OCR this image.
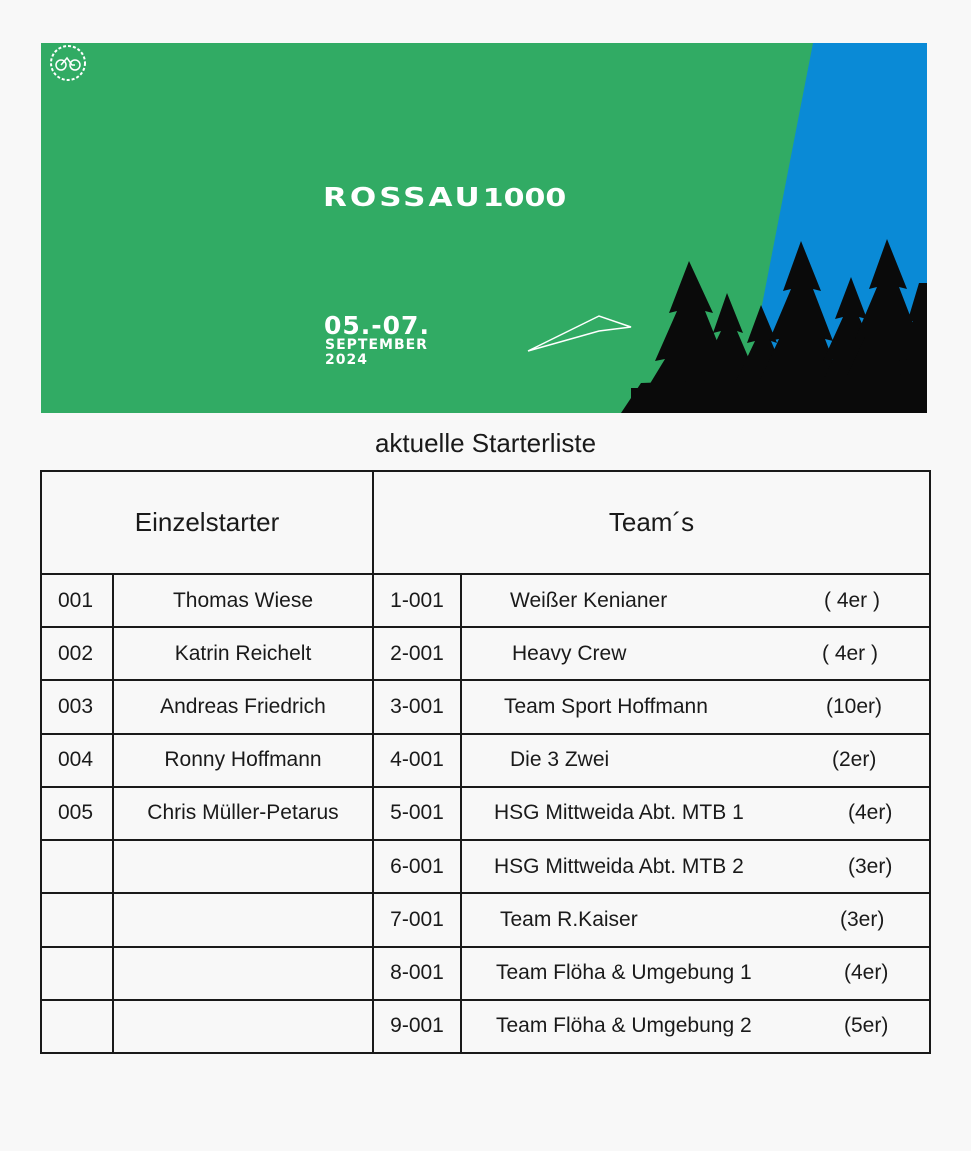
ROSSAU1000
05.-07.
SEPTEMBER
2024
aktuelle Starterliste
Einzelstarter		Team´s	
001	Thomas Wiese	1-001	Weißer Kenianer ( 4er )

002	Katrin Reichelt	2-001	Heavy Crew ( 4er )

003	Andreas Friedrich	3-001	Team Sport Hoffmann (10er)

004	Ronny Hoffmann	4-001	Die 3 Zwei (2er)

005	Chris Müller-Petarus	5-001	HSG Mittweida Abt. MTB 1 (4er)

		6-001	HSG Mittweida Abt. MTB 2 (3er)

		7-001	Team R.Kaiser (3er)

		8-001	Team Flöha & Umgebung 1 (4er)

		9-001	Team Flöha & Umgebung 2 (5er)
